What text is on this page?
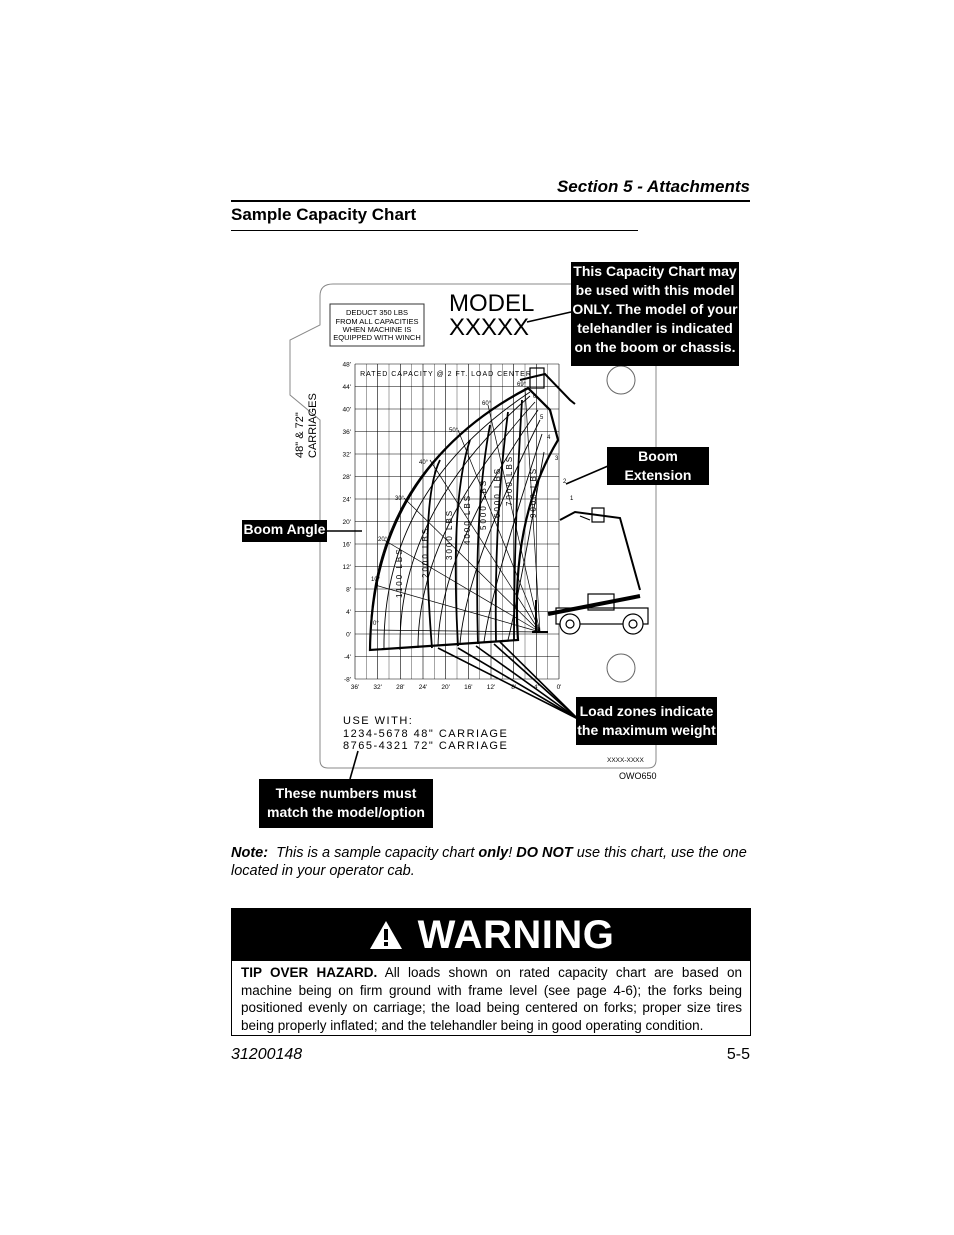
Section 5 - Attachments
Sample Capacity Chart
DEDUCT 350 LBS
FROM ALL CAPACITIES
WHEN MACHINE IS
EQUIPPED WITH WINCH
MODEL
XXXXX
48" & 72" CARRIAGES
48'
44'
40'
36'
32'
28'
24'
20'
16'
12'
8'
4'
0'
-4'
-8'
36' 32' 28' 24' 20' 16' 12' 8'	4'	0'
RATED CAPACITY @ 2 FT. LOAD CENTER
1100 LBS 2000 LBS 3000 LBS 4000 LBS 5000 LBS 6000 LBS 7000 LBS 9000 LBS
0°
10°
20°
30°
40°
50°
60°
69°
1
2
3
4
5
6
USE WITH:
1234-5678 48" CARRIAGE
8765-4321 72" CARRIAGE
XXXX-XXXX
OWO650
This Capacity Chart may
be used with this model
ONLY. The model of your
telehandler is indicated
on the boom or chassis.
Boom
Extension
Boom Angle
Load zones indicate
the maximum weight
These numbers must
match the model/option
Note: This is a sample capacity chart only! DO NOT use this chart, use the one located in your operator cab.
WARNING
TIP OVER HAZARD. All loads shown on rated capacity chart are based on machine being on firm ground with frame level (see page 4-6); the forks being positioned evenly on carriage; the load being centered on forks; proper size tires being properly inflated; and the telehandler being in good operating condition.
31200148	5-5
